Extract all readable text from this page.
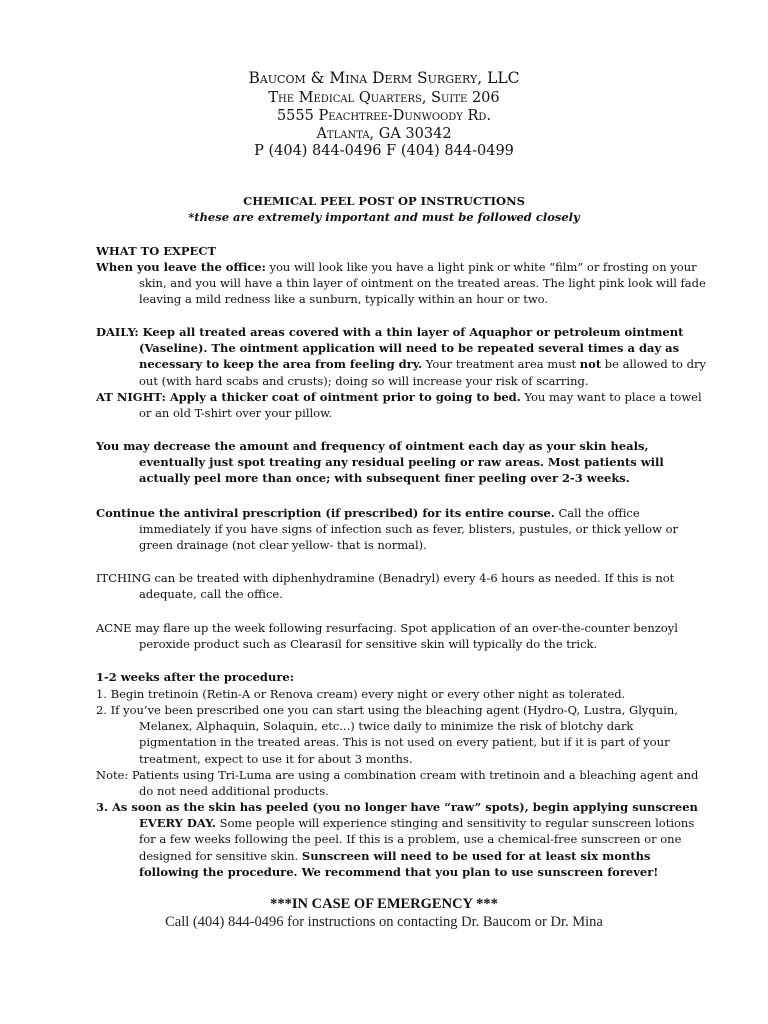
Baucom & Mina Derm Surgery, LLC
The Medical Quarters, Suite 206
5555 Peachtree-Dunwoody Rd.
Atlanta, GA 30342
P (404) 844-0496 F (404) 844-0499
CHEMICAL PEEL POST OP INSTRUCTIONS
*these are extremely important and must be followed closely

WHAT TO EXPECT

When you leave the office: you will look like you have a light pink or white “film” or frosting on your skin, and you will have a thin layer of ointment on the treated areas. The light pink look will fade leaving a mild redness like a sunburn, typically within an hour or two.

DAILY: Keep all treated areas covered with a thin layer of Aquaphor or petroleum ointment (Vaseline). The ointment application will need to be repeated several times a day as necessary to keep the area from feeling dry. Your treatment area must not be allowed to dry out (with hard scabs and crusts); doing so will increase your risk of scarring.

AT NIGHT: Apply a thicker coat of ointment prior to going to bed. You may want to place a towel or an old T-shirt over your pillow.

You may decrease the amount and frequency of ointment each day as your skin heals, eventually just spot treating any residual peeling or raw areas. Most patients will actually peel more than once; with subsequent finer peeling over 2-3 weeks.

Continue the antiviral prescription (if prescribed) for its entire course. Call the office immediately if you have signs of infection such as fever, blisters, pustules, or thick yellow or green drainage (not clear yellow- that is normal).

ITCHING can be treated with diphenhydramine (Benadryl) every 4-6 hours as needed. If this is not adequate, call the office.

ACNE may flare up the week following resurfacing. Spot application of an over-the-counter benzoyl peroxide product such as Clearasil for sensitive skin will typically do the trick.

1-2 weeks after the procedure:

1. Begin tretinoin (Retin-A or Renova cream) every night or every other night as tolerated.

2. If you’ve been prescribed one you can start using the bleaching agent (Hydro-Q, Lustra, Glyquin, Melanex, Alphaquin, Solaquin, etc...) twice daily to minimize the risk of blotchy dark pigmentation in the treated areas. This is not used on every patient, but if it is part of your treatment, expect to use it for about 3 months.

Note: Patients using Tri-Luma are using a combination cream with tretinoin and a bleaching agent and do not need additional products.

3. As soon as the skin has peeled (you no longer have “raw” spots), begin applying sunscreen EVERY DAY. Some people will experience stinging and sensitivity to regular sunscreen lotions for a few weeks following the peel. If this is a problem, use a chemical-free sunscreen or one designed for sensitive skin. Sunscreen will need to be used for at least six months following the procedure. We recommend that you plan to use sunscreen forever!

***IN CASE OF EMERGENCY ***
Call (404) 844-0496 for instructions on contacting Dr. Baucom or Dr. Mina
